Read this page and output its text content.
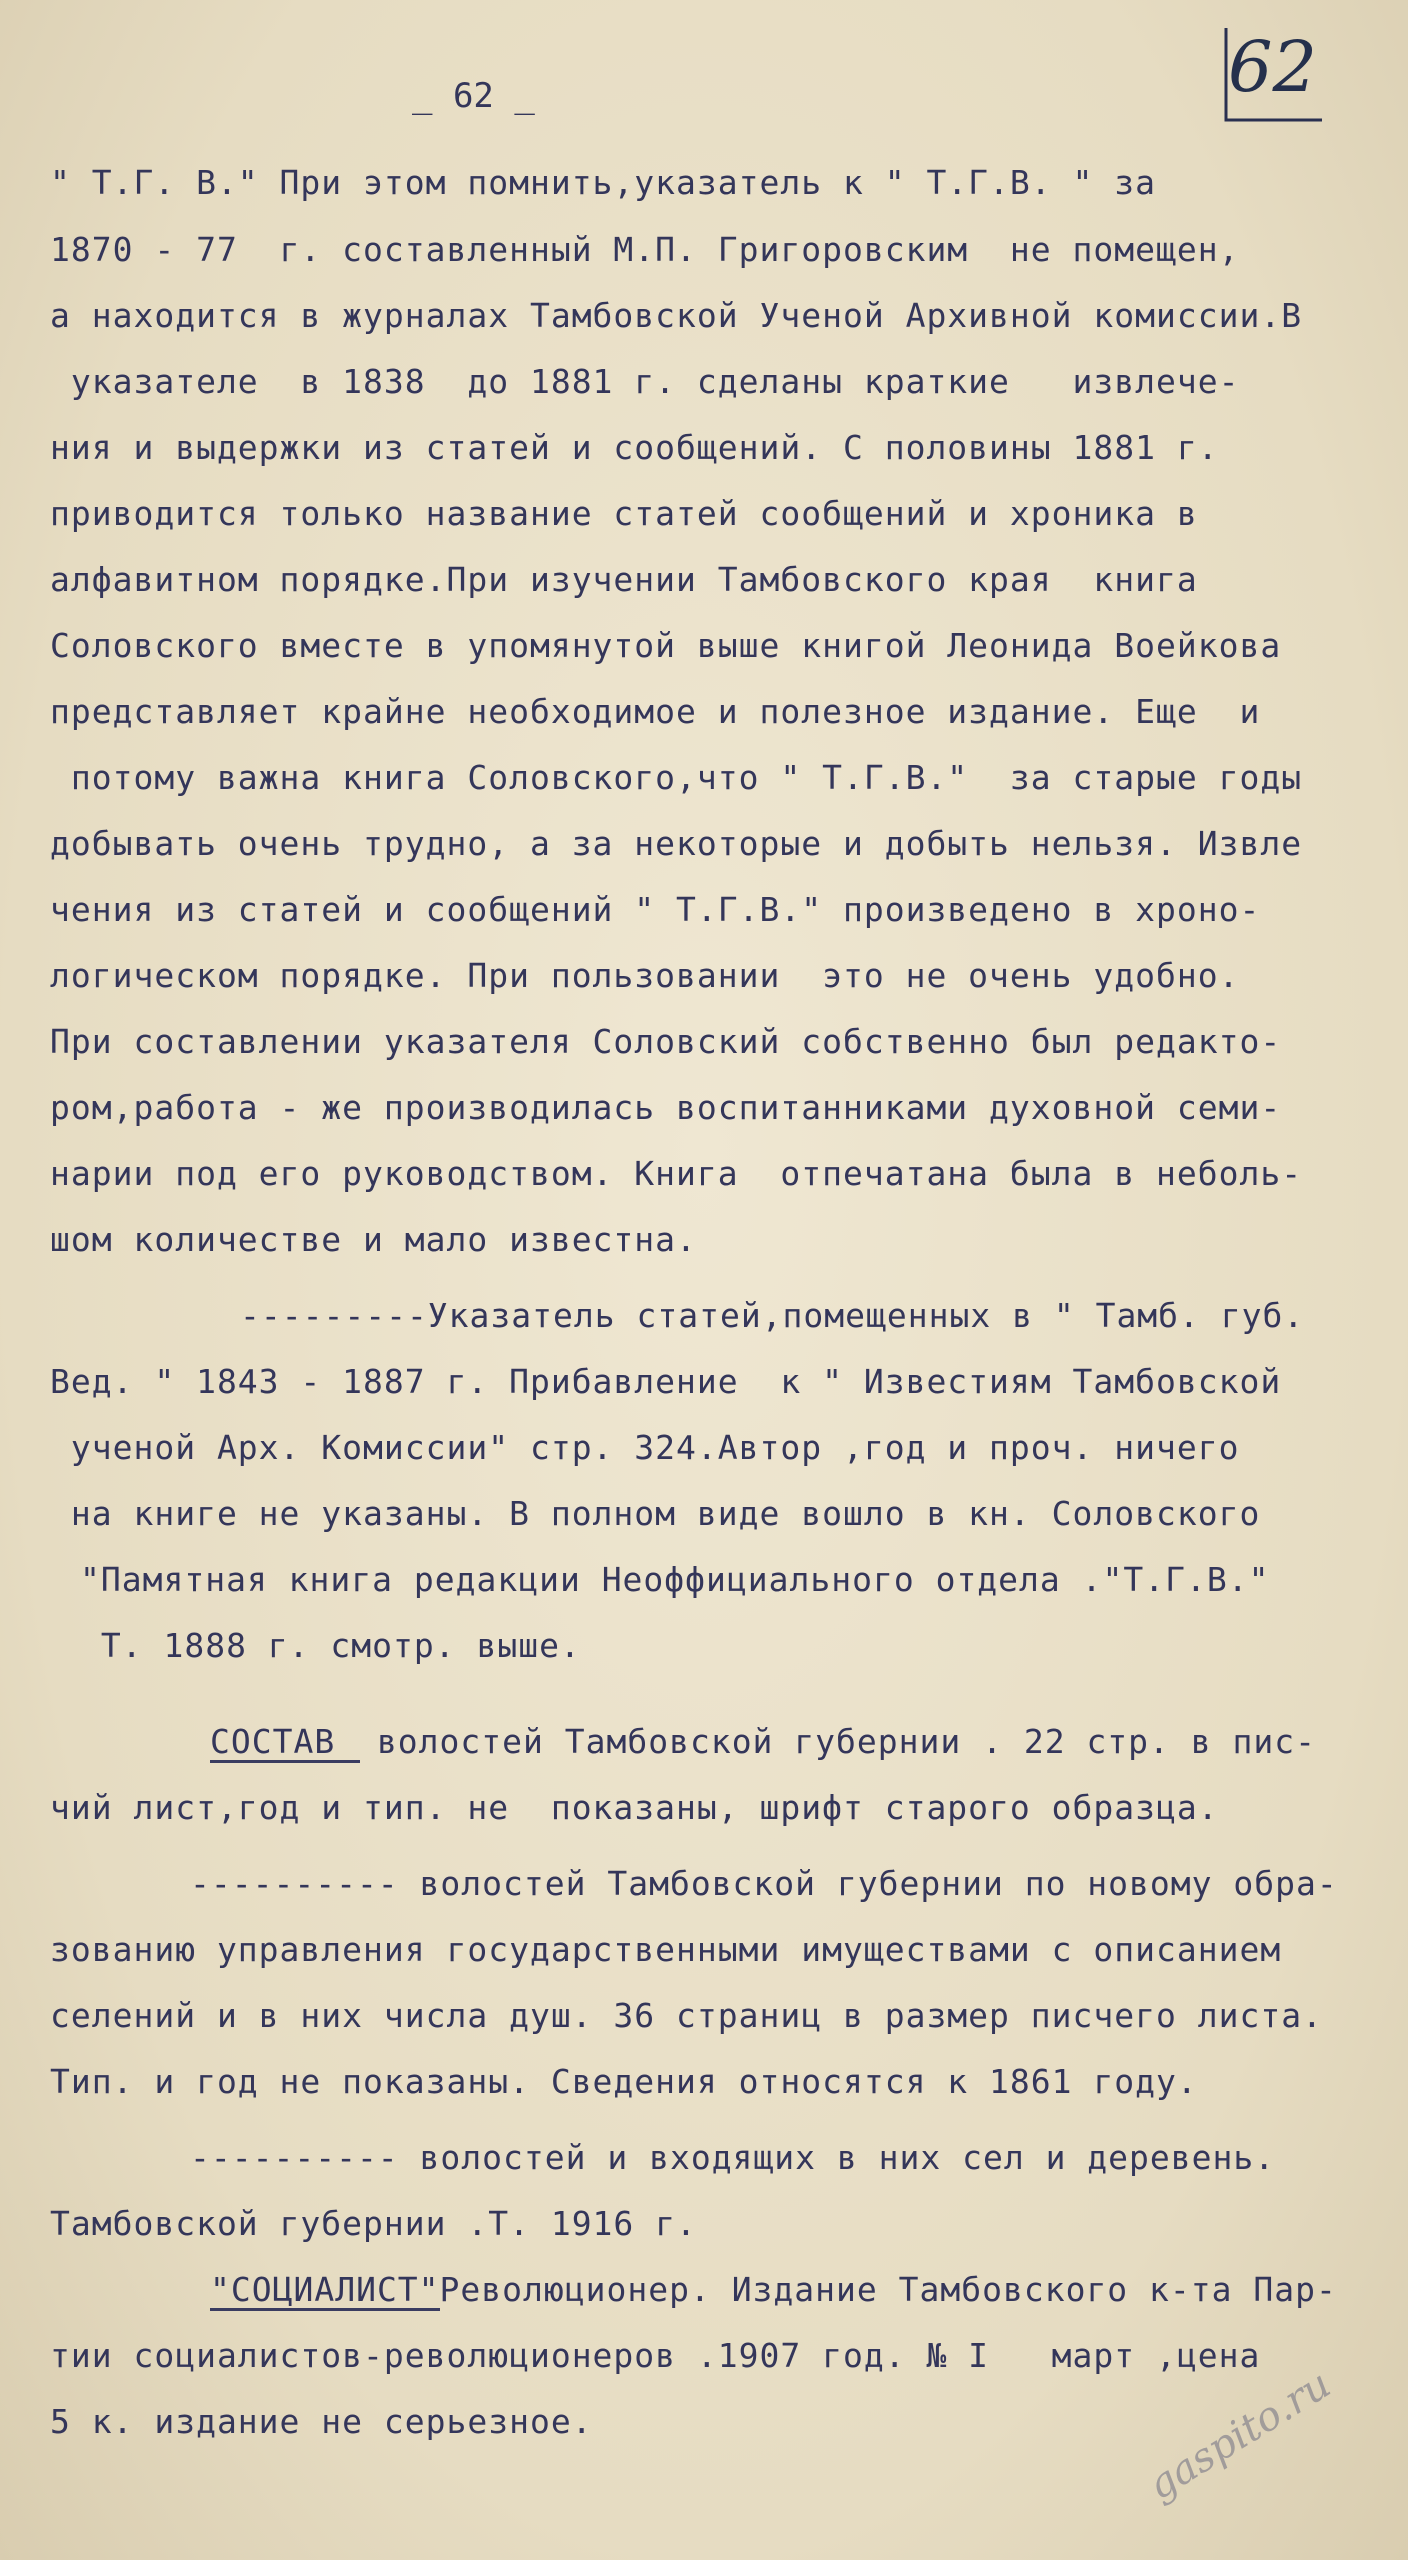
62
_ 62 _
" Т.Г. В." При этом помнить,указатель к " Т.Г.В. " за
1870 - 77  г. составленный М.П. Григоровским  не помещен,
а находится в журналах Тамбовской Ученой Архивной комиссии.В
указателе  в 1838  до 1881 г. сделаны краткие   извлече-
ния и выдержки из статей и сообщений. С половины 1881 г.
приводится только название статей сообщений и хроника в
алфавитном порядке.При изучении Тамбовского края  книга
Соловского вместе в упомянутой выше книгой Леонида Воейкова
представляет крайне необходимое и полезное издание. Еще  и
потому важна книга Соловского,что " Т.Г.В."  за старые годы
добывать очень трудно, а за некоторые и добыть нельзя. Извле
чения из статей и сообщений " Т.Г.В." произведено в хроно-
логическом порядке. При пользовании  это не очень удобно.
При составлении указателя Соловский собственно был редакто-
ром,работа - же производилась воспитанниками духовной семи-
нарии под его руководством. Книга  отпечатана была в неболь-
шом количестве и мало известна.
---------Указатель статей,помещенных в " Тамб. губ.
Вед. " 1843 - 1887 г. Прибавление  к " Известиям Тамбовской
ученой Арх. Комиссии" стр. 324.Автор ,год и проч. ничего
на книге не указаны. В полном виде вошло в кн. Соловского
"Памятная книга редакции Неоффициального отдела ."Т.Г.В."
Т. 1888 г. смотр. выше.
СОСТАВ  волостей Тамбовской губернии . 22 стр. в пис-
чий лист,год и тип. не  показаны, шрифт старого образца.
---------- волостей Тамбовской губернии по новому обра-
зованию управления государственными имуществами с описанием
селений и в них числа душ. 36 страниц в размер писчего листа.
Тип. и год не показаны. Сведения относятся к 1861 году.
---------- волостей и входящих в них сел и деревень.
Тамбовской губернии .Т. 1916 г.
"СОЦИАЛИСТ"Революционер. Издание Тамбовского к-та Пар-
тии социалистов-революционеров .1907 год. № I   март ,цена
5 к. издание не серьезное.	gaspito.ru
